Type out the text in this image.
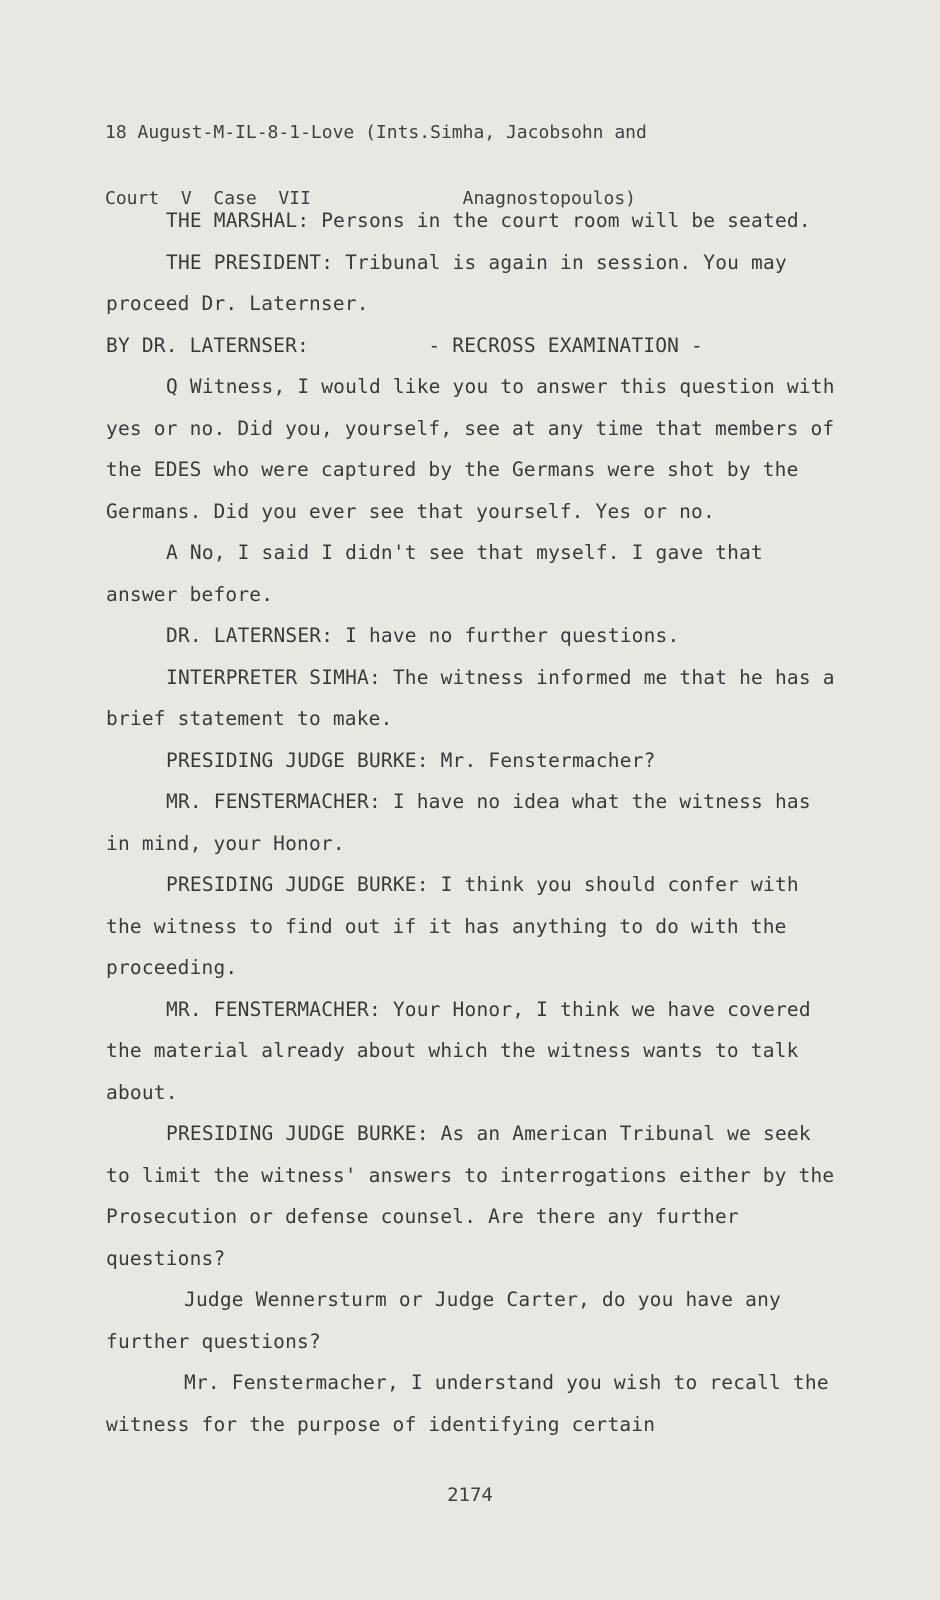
18 August-M-IL-8-1-Love (Ints.Simha, Jacobsohn and

Court  V  Case  VII              Anagnostopoulos)

THE MARSHAL: Persons in the court room will be seated.

THE PRESIDENT: Tribunal is again in session. You may proceed Dr. Laternser.

BY DR. LATERNSER:          - RECROSS EXAMINATION -

Q Witness, I would like you to answer this question with yes or no. Did you, yourself, see at any time that members of the EDES who were captured by the Germans were shot by the Germans. Did you ever see that yourself. Yes or no.

A No, I said I didn't see that myself. I gave that answer before.

DR. LATERNSER: I have no further questions.

INTERPRETER SIMHA: The witness informed me that he has a brief statement to make.

PRESIDING JUDGE BURKE: Mr. Fenstermacher?

MR. FENSTERMACHER: I have no idea what the witness has in mind, your Honor.

PRESIDING JUDGE BURKE: I think you should confer with the witness to find out if it has anything to do with the proceeding.

MR. FENSTERMACHER: Your Honor, I think we have covered the material already about which the witness wants to talk about.

PRESIDING JUDGE BURKE: As an American Tribunal we seek to limit the witness' answers to interrogations either by the Prosecution or defense counsel. Are there any further questions?

Judge Wennersturm or Judge Carter, do you have any further questions?

Mr. Fenstermacher, I understand you wish to recall the witness for the purpose of identifying certain

2174
